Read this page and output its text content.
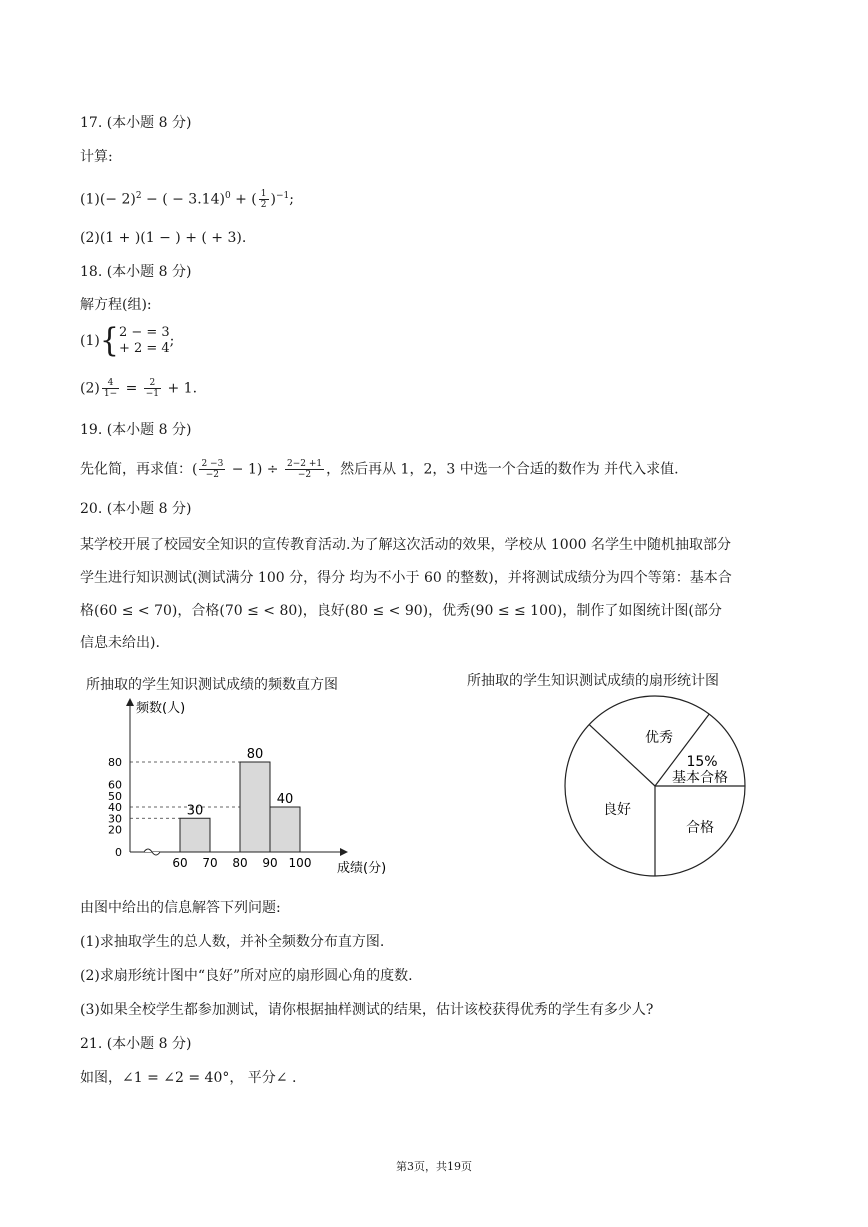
17. (本小题 8 分)
计算:
$(1)(- 2)^2$ − ( − 3.14)$^0$ + ( $\frac{1}{2} )^{-1}$;
(2)(1 + )(1 − ) + ( + 3).
18. (本小题 8 分)
解方程(组):
(1){ 2 − = 3
+ 2 = 4 ;
$(2) \frac{4}{1-} = \frac{2}{-1} + 1$.
19. (本小题 8 分)
先化简，再求值：( $\frac{2 -3}{-2} - 1) \div \frac{2-2 +1}{-2}$ ，然后再从 1，2，3 中选一个合适的数作为 并代入求值.
20. (本小题 8 分)
某学校开展了校园安全知识的宣传教育活动.为了解这次活动的效果，学校从 1000 名学生中随机抽取部分
学生进行知识测试(测试满分 100 分，得分 均为不小于 60 的整数)，并将测试成绩分为四个等第：基本合
格(60 ≤ < 70)，合格(70 ≤ < 80)，良好(80 ≤ < 90)，优秀(90 ≤ ≤ 100)，制作了如图统计图(部分
信息未给出).
所抽取的学生知识测试成绩的频数直方图
0
20
30
40
50
60
80
30
80
40
60 70 80 90 100
频数(人)
成绩(分)
所抽取的学生知识测试成绩的扇形统计图
优秀
基本合格
合格
良好
15%
由图中给出的信息解答下列问题:
(1)求抽取学生的总人数，并补全频数分布直方图.
(2)求扇形统计图中“良好”所对应的扇形圆心角的度数.
(3)如果全校学生都参加测试，请你根据抽样测试的结果，估计该校获得优秀的学生有多少人?
21. (本小题 8 分)
如图，∠1 = ∠2 = 40°， 平分∠ .
第3页，共19页
